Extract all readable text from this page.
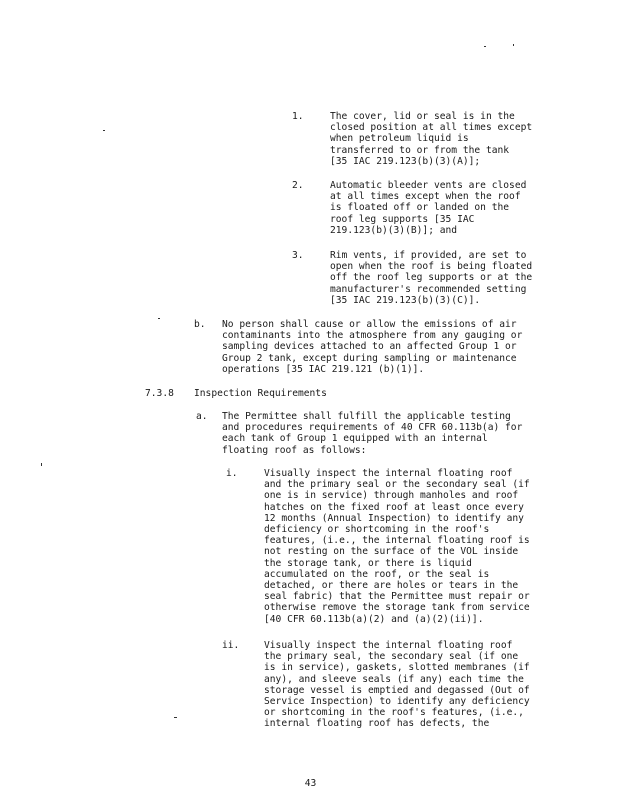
1.	The cover, lid or seal is in the
closed position at all times except
when petroleum liquid is
transferred to or from the tank
[35 IAC 219.123(b)(3)(A)];
2.	Automatic bleeder vents are closed
at all times except when the roof
is floated off or landed on the
roof leg supports [35 IAC
219.123(b)(3)(B)]; and
3.	Rim vents, if provided, are set to
open when the roof is being floated
off the roof leg supports or at the
manufacturer's recommended setting
[35 IAC 219.123(b)(3)(C)].
b. No person shall cause or allow the emissions of air
contaminants into the atmosphere from any gauging or
sampling devices attached to an affected Group 1 or
Group 2 tank, except during sampling or maintenance
operations [35 IAC 219.121 (b)(1)].
7.3.8 Inspection Requirements
a. The Permittee shall fulfill the applicable testing
and procedures requirements of 40 CFR 60.113b(a) for
each tank of Group 1 equipped with an internal
floating roof as follows:
i.	Visually inspect the internal floating roof
and the primary seal or the secondary seal (if
one is in service) through manholes and roof
hatches on the fixed roof at least once every
12 months (Annual Inspection) to identify any
deficiency or shortcoming in the roof's
features, (i.e., the internal floating roof is
not resting on the surface of the VOL inside
the storage tank, or there is liquid
accumulated on the roof, or the seal is
detached, or there are holes or tears in the
seal fabric) that the Permittee must repair or
otherwise remove the storage tank from service
[40 CFR 60.113b(a)(2) and (a)(2)(ii)].
ii.	Visually inspect the internal floating roof
the primary seal, the secondary seal (if one
is in service), gaskets, slotted membranes (if
any), and sleeve seals (if any) each time the
storage vessel is emptied and degassed (Out of
Service Inspection) to identify any deficiency
or shortcoming in the roof's features, (i.e.,
internal floating roof has defects, the
43
